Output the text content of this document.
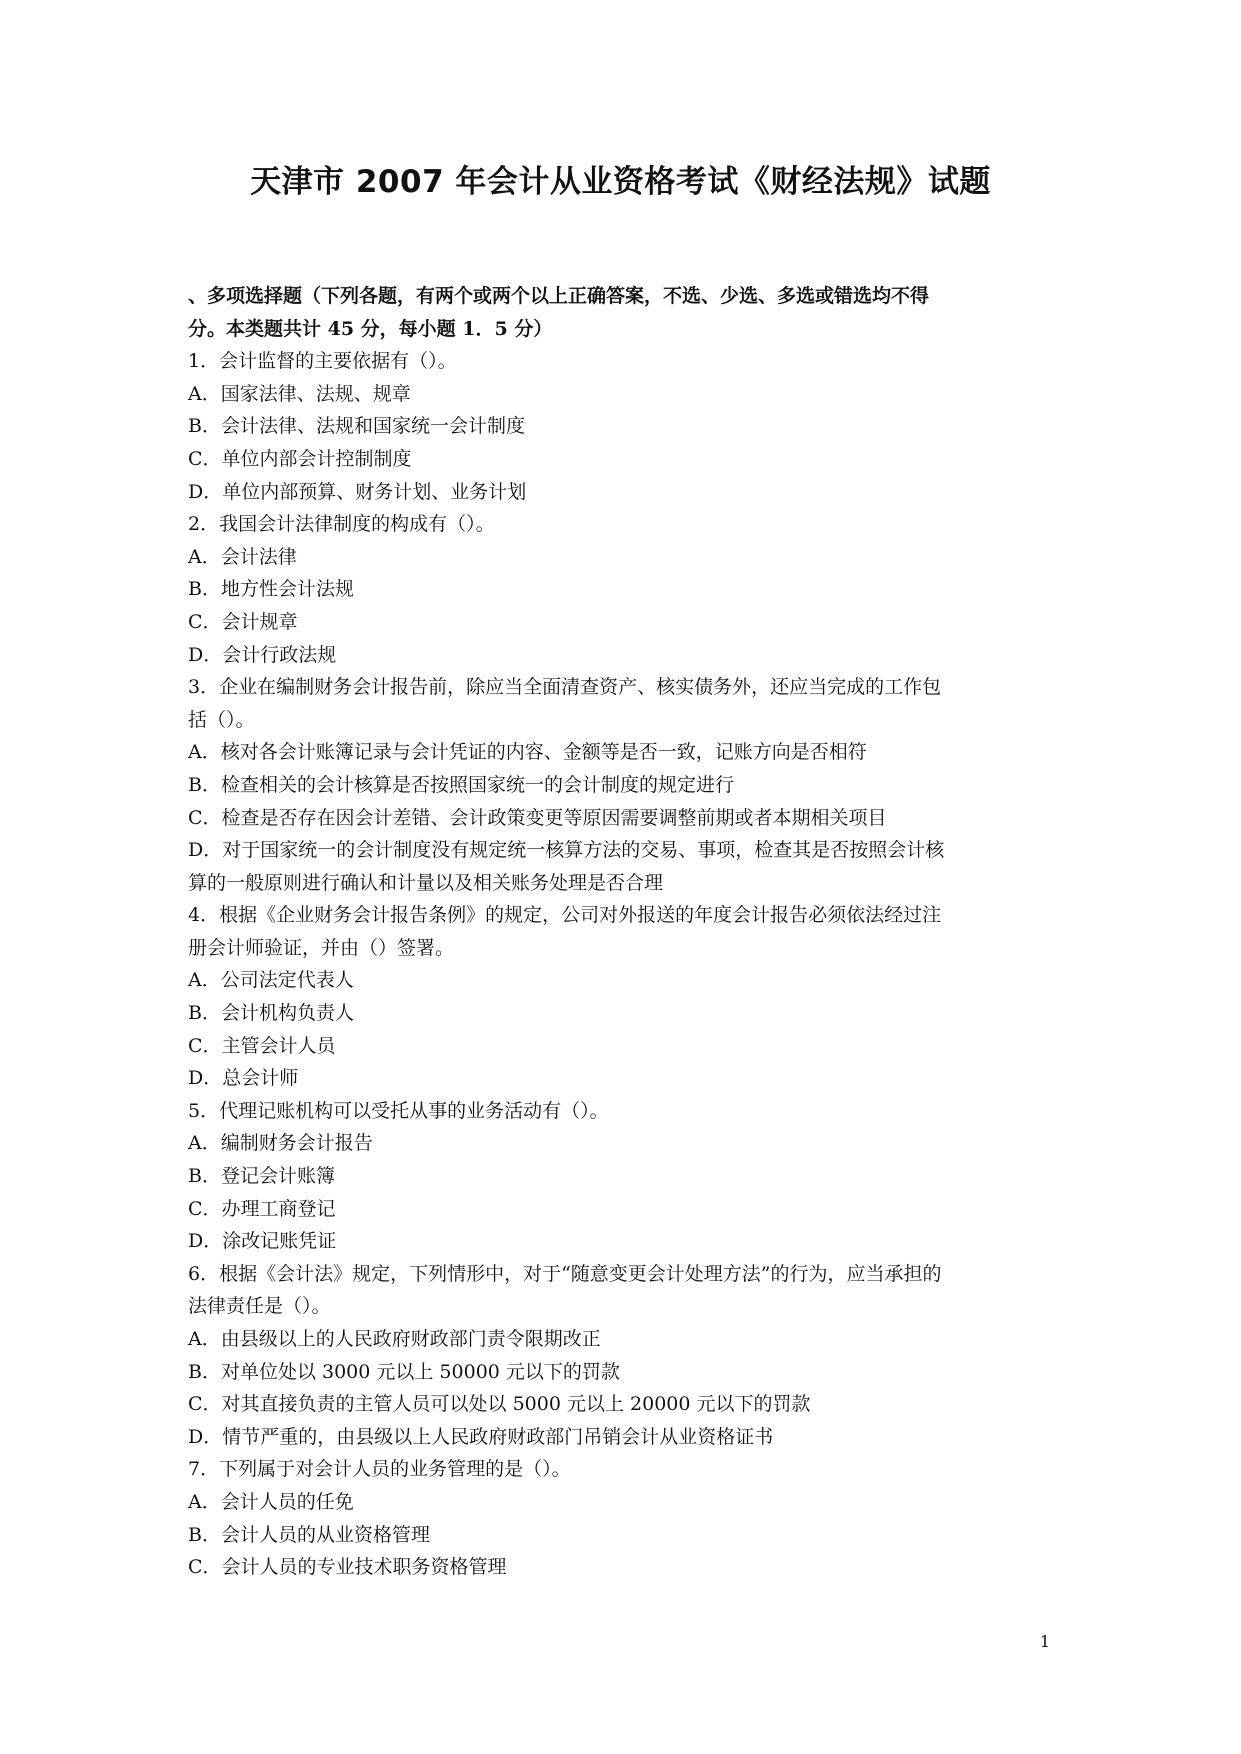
天津市 2007 年会计从业资格考试《财经法规》试题
、多项选择题（下列各题，有两个或两个以上正确答案，不选、少选、多选或错选均不得
分。本类题共计 45 分，每小题 1．5 分）
1．会计监督的主要依据有（）。
A．国家法律、法规、规章
B．会计法律、法规和国家统一会计制度
C．单位内部会计控制制度
D．单位内部预算、财务计划、业务计划
2．我国会计法律制度的构成有（）。
A．会计法律
B．地方性会计法规
C．会计规章
D．会计行政法规
3．企业在编制财务会计报告前，除应当全面清查资产、核实债务外，还应当完成的工作包
括（）。
A．核对各会计账簿记录与会计凭证的内容、金额等是否一致，记账方向是否相符
B．检查相关的会计核算是否按照国家统一的会计制度的规定进行
C．检查是否存在因会计差错、会计政策变更等原因需要调整前期或者本期相关项目
D．对于国家统一的会计制度没有规定统一核算方法的交易、事项，检查其是否按照会计核
算的一般原则进行确认和计量以及相关账务处理是否合理
4．根据《企业财务会计报告条例》的规定，公司对外报送的年度会计报告必须依法经过注
册会计师验证，并由（）签署。
A．公司法定代表人
B．会计机构负责人
C．主管会计人员
D．总会计师
5．代理记账机构可以受托从事的业务活动有（）。
A．编制财务会计报告
B．登记会计账簿
C．办理工商登记
D．涂改记账凭证
6．根据《会计法》规定，下列情形中，对于“随意变更会计处理方法”的行为，应当承担的
法律责任是（）。
A．由县级以上的人民政府财政部门责令限期改正
B．对单位处以 3000 元以上 50000 元以下的罚款
C．对其直接负责的主管人员可以处以 5000 元以上 20000 元以下的罚款
D．情节严重的，由县级以上人民政府财政部门吊销会计从业资格证书
7．下列属于对会计人员的业务管理的是（）。
A．会计人员的任免
B．会计人员的从业资格管理
C．会计人员的专业技术职务资格管理
1
